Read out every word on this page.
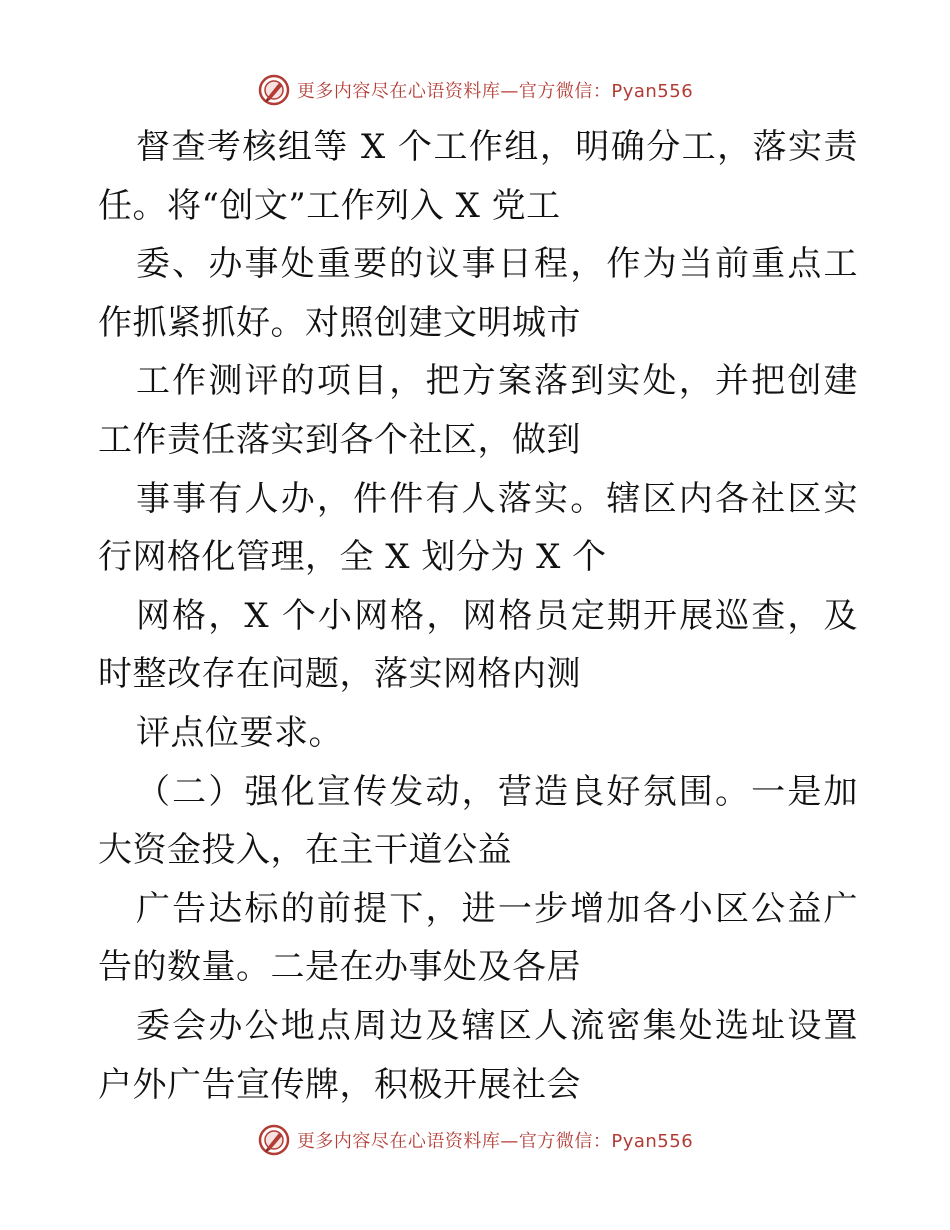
更多内容尽在心语资料库—官方微信：Pyan556

督查考核组等 X 个工作组，明确分工，落实责任。将“创文”工作列入 X 党工

委、办事处重要的议事日程，作为当前重点工作抓紧抓好。对照创建文明城市

工作测评的项目，把方案落到实处，并把创建工作责任落实到各个社区，做到

事事有人办，件件有人落实。辖区内各社区实行网格化管理，全 X 划分为 X 个

网格，X 个小网格，网格员定期开展巡查，及时整改存在问题，落实网格内测

评点位要求。

（二）强化宣传发动，营造良好氛围。一是加大资金投入，在主干道公益

广告达标的前提下，进一步增加各小区公益广告的数量。二是在办事处及各居

委会办公地点周边及辖区人流密集处选址设置户外广告宣传牌，积极开展社会

更多内容尽在心语资料库—官方微信：Pyan556
